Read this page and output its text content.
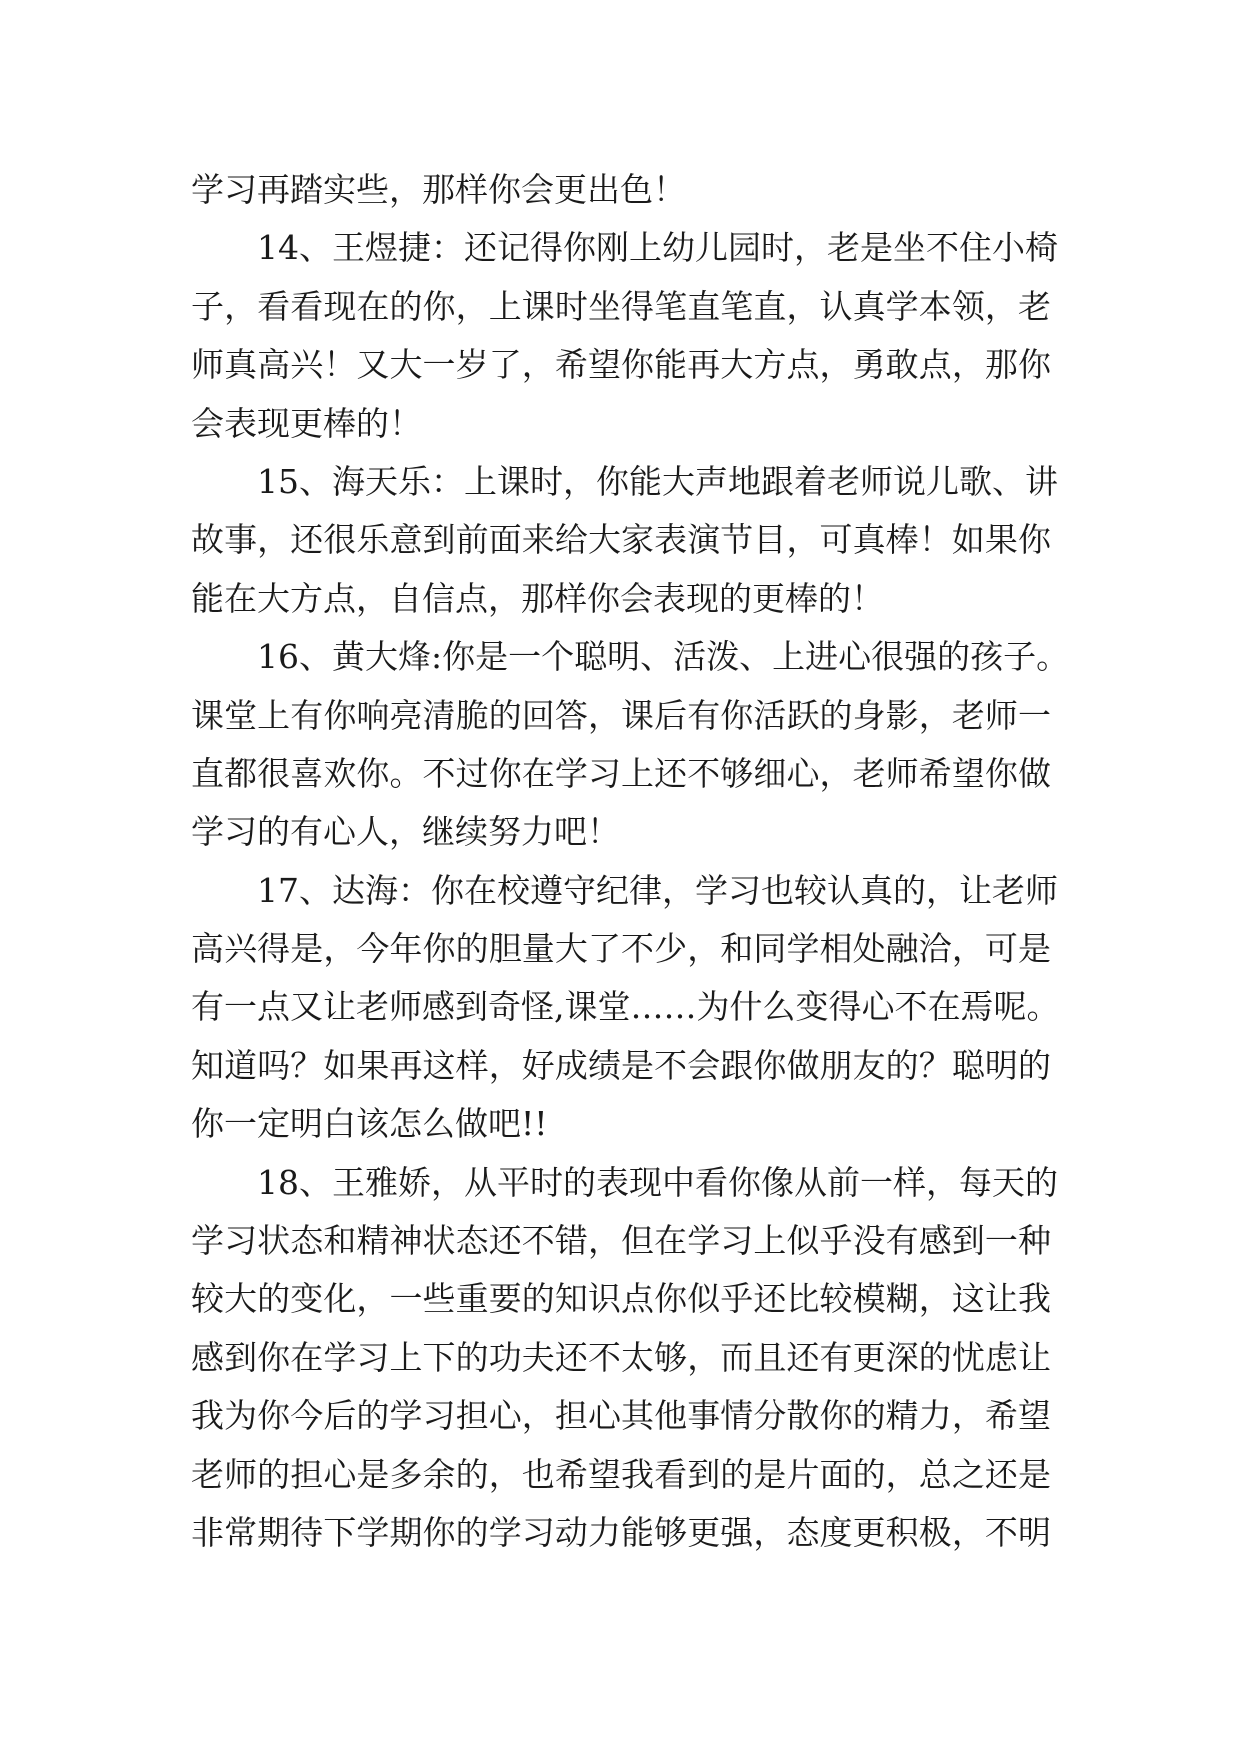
学习再踏实些，那样你会更出色！
14、王煜捷：还记得你刚上幼儿园时，老是坐不住小椅
子，看看现在的你，上课时坐得笔直笔直，认真学本领，老
师真高兴！又大一岁了，希望你能再大方点，勇敢点，那你
会表现更棒的！
15、海天乐：上课时，你能大声地跟着老师说儿歌、讲
故事，还很乐意到前面来给大家表演节目，可真棒！如果你
能在大方点，自信点，那样你会表现的更棒的！
16、黄大烽:你是一个聪明、活泼、上进心很强的孩子。
课堂上有你响亮清脆的回答，课后有你活跃的身影，老师一
直都很喜欢你。不过你在学习上还不够细心，老师希望你做
学习的有心人，继续努力吧！
17、达海：你在校遵守纪律，学习也较认真的，让老师
高兴得是，今年你的胆量大了不少，和同学相处融洽，可是
有一点又让老师感到奇怪,课堂……为什么变得心不在焉呢。
知道吗？如果再这样，好成绩是不会跟你做朋友的？聪明的
你一定明白该怎么做吧!!
18、王雅娇，从平时的表现中看你像从前一样，每天的
学习状态和精神状态还不错，但在学习上似乎没有感到一种
较大的变化，一些重要的知识点你似乎还比较模糊，这让我
感到你在学习上下的功夫还不太够，而且还有更深的忧虑让
我为你今后的学习担心，担心其他事情分散你的精力，希望
老师的担心是多余的，也希望我看到的是片面的，总之还是
非常期待下学期你的学习动力能够更强，态度更积极，不明
